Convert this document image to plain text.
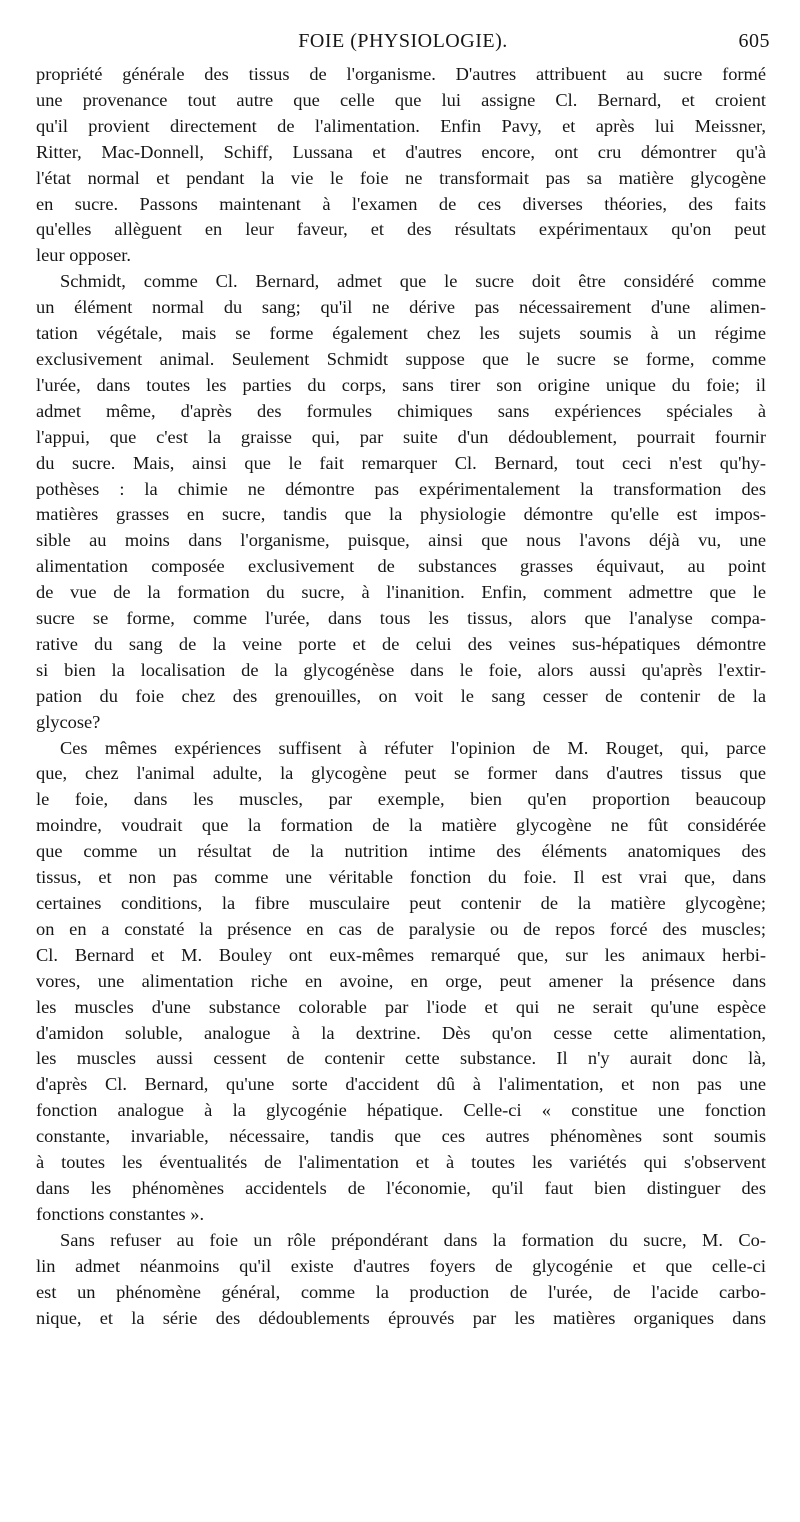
FOIE (PHYSIOLOGIE).	605

propriété générale des tissus de l'organisme. D'autres attribuent au sucre formé
une provenance tout autre que celle que lui assigne Cl. Bernard, et croient
qu'il provient directement de l'alimentation. Enfin Pavy, et après lui Meissner,
Ritter, Mac-Donnell, Schiff, Lussana et d'autres encore, ont cru démontrer qu'à
l'état normal et pendant la vie le foie ne transformait pas sa matière glycogène
en sucre. Passons maintenant à l'examen de ces diverses théories, des faits
qu'elles allèguent en leur faveur, et des résultats expérimentaux qu'on peut
leur opposer.

Schmidt, comme Cl. Bernard, admet que le sucre doit être considéré comme
un élément normal du sang; qu'il ne dérive pas nécessairement d'une alimen-
tation végétale, mais se forme également chez les sujets soumis à un régime
exclusivement animal. Seulement Schmidt suppose que le sucre se forme, comme
l'urée, dans toutes les parties du corps, sans tirer son origine unique du foie; il
admet même, d'après des formules chimiques sans expériences spéciales à
l'appui, que c'est la graisse qui, par suite d'un dédoublement, pourrait fournir
du sucre. Mais, ainsi que le fait remarquer Cl. Bernard, tout ceci n'est qu'hy-
pothèses : la chimie ne démontre pas expérimentalement la transformation des
matières grasses en sucre, tandis que la physiologie démontre qu'elle est impos-
sible au moins dans l'organisme, puisque, ainsi que nous l'avons déjà vu, une
alimentation composée exclusivement de substances grasses équivaut, au point
de vue de la formation du sucre, à l'inanition. Enfin, comment admettre que le
sucre se forme, comme l'urée, dans tous les tissus, alors que l'analyse compa-
rative du sang de la veine porte et de celui des veines sus-hépatiques démontre
si bien la localisation de la glycogénèse dans le foie, alors aussi qu'après l'extir-
pation du foie chez des grenouilles, on voit le sang cesser de contenir de la
glycose?

Ces mêmes expériences suffisent à réfuter l'opinion de M. Rouget, qui, parce
que, chez l'animal adulte, la glycogène peut se former dans d'autres tissus que
le foie, dans les muscles, par exemple, bien qu'en proportion beaucoup
moindre, voudrait que la formation de la matière glycogène ne fût considérée
que comme un résultat de la nutrition intime des éléments anatomiques des
tissus, et non pas comme une véritable fonction du foie. Il est vrai que, dans
certaines conditions, la fibre musculaire peut contenir de la matière glycogène;
on en a constaté la présence en cas de paralysie ou de repos forcé des muscles;
Cl. Bernard et M. Bouley ont eux-mêmes remarqué que, sur les animaux herbi-
vores, une alimentation riche en avoine, en orge, peut amener la présence dans
les muscles d'une substance colorable par l'iode et qui ne serait qu'une espèce
d'amidon soluble, analogue à la dextrine. Dès qu'on cesse cette alimentation,
les muscles aussi cessent de contenir cette substance. Il n'y aurait donc là,
d'après Cl. Bernard, qu'une sorte d'accident dû à l'alimentation, et non pas une
fonction analogue à la glycogénie hépatique. Celle-ci « constitue une fonction
constante, invariable, nécessaire, tandis que ces autres phénomènes sont soumis
à toutes les éventualités de l'alimentation et à toutes les variétés qui s'observent
dans les phénomènes accidentels de l'économie, qu'il faut bien distinguer des
fonctions constantes ».

Sans refuser au foie un rôle prépondérant dans la formation du sucre, M. Co-
lin admet néanmoins qu'il existe d'autres foyers de glycogénie et que celle-ci
est un phénomène général, comme la production de l'urée, de l'acide carbo-
nique, et la série des dédoublements éprouvés par les matières organiques dans
